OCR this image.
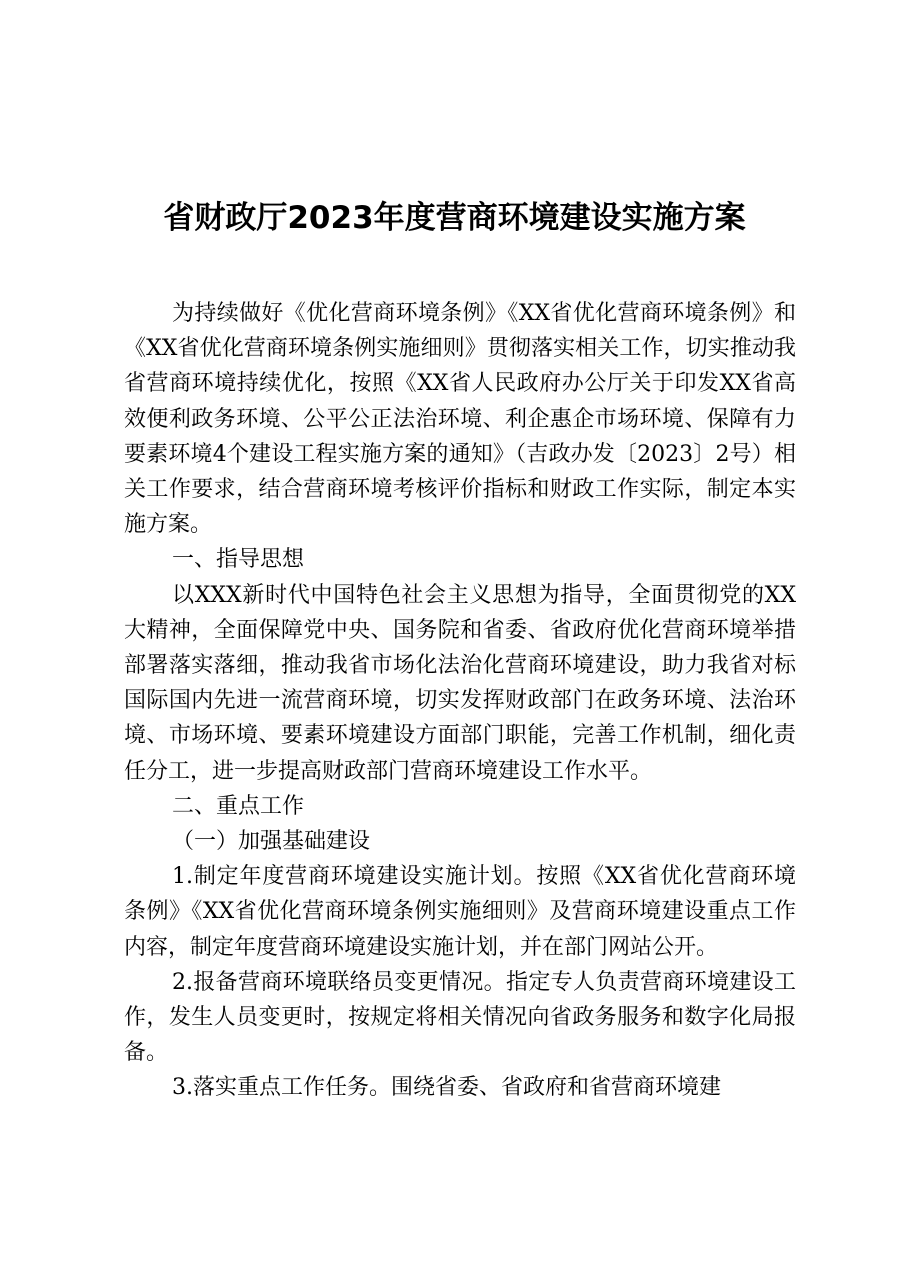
省财政厅2023年度营商环境建设实施方案

为持续做好《优化营商环境条例》《XX省优化营商环境条例》和《XX省优化营商环境条例实施细则》贯彻落实相关工作，切实推动我省营商环境持续优化，按照《XX省人民政府办公厅关于印发XX省高效便利政务环境、公平公正法治环境、利企惠企市场环境、保障有力要素环境4个建设工程实施方案的通知》（吉政办发〔2023〕2号）相关工作要求，结合营商环境考核评价指标和财政工作实际，制定本实施方案。

一、指导思想

以XXX新时代中国特色社会主义思想为指导，全面贯彻党的XX大精神，全面保障党中央、国务院和省委、省政府优化营商环境举措部署落实落细，推动我省市场化法治化营商环境建设，助力我省对标国际国内先进一流营商环境，切实发挥财政部门在政务环境、法治环境、市场环境、要素环境建设方面部门职能，完善工作机制，细化责任分工，进一步提高财政部门营商环境建设工作水平。

二、重点工作

（一）加强基础建设

1.制定年度营商环境建设实施计划。按照《XX省优化营商环境条例》《XX省优化营商环境条例实施细则》及营商环境建设重点工作内容，制定年度营商环境建设实施计划，并在部门网站公开。

2.报备营商环境联络员变更情况。指定专人负责营商环境建设工作，发生人员变更时，按规定将相关情况向省政务服务和数字化局报备。

3.落实重点工作任务。围绕省委、省政府和省营商环境建
